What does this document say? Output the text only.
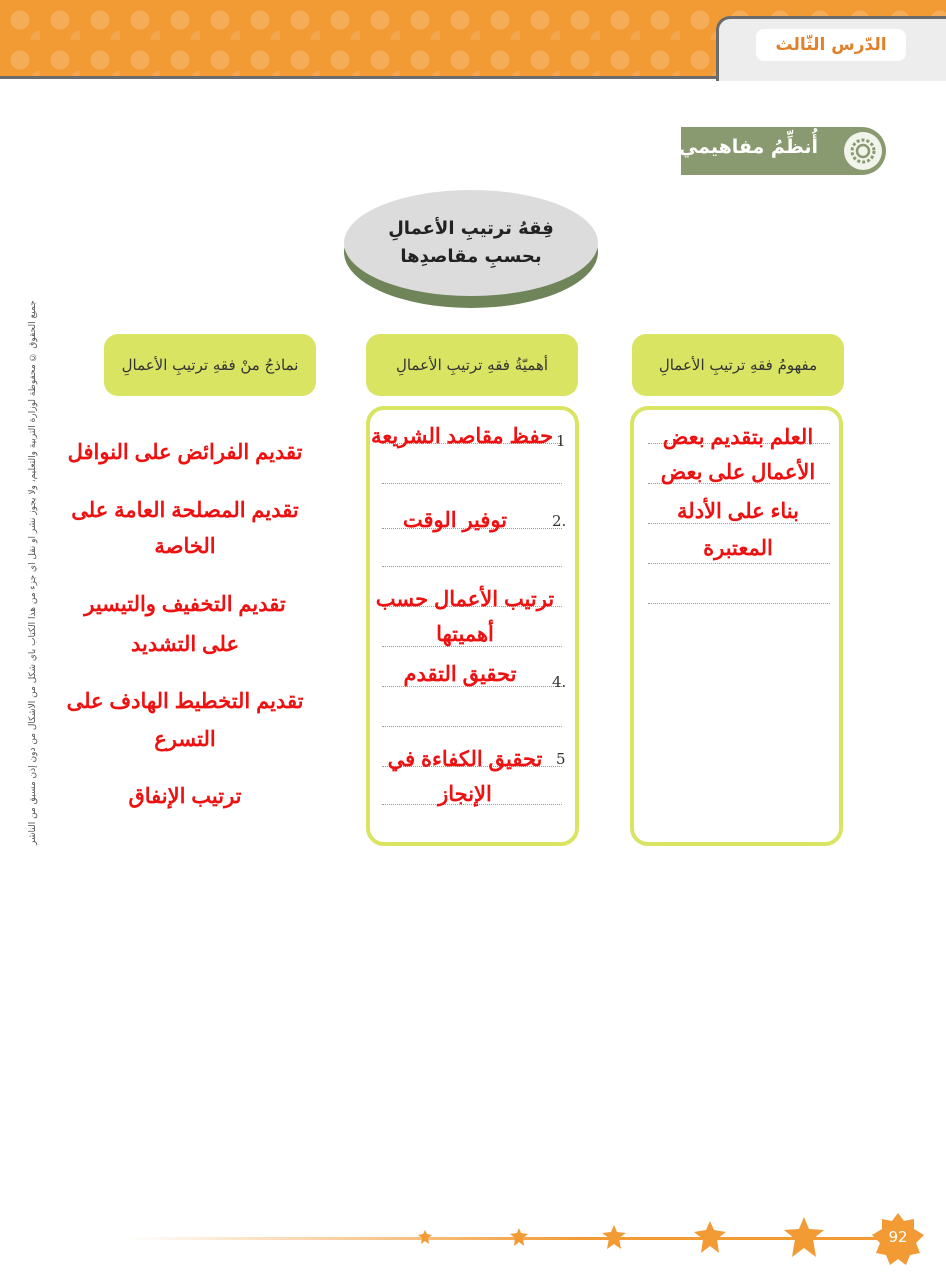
الدّرس الثّالث
أُنظِّمُ مفاهيمي
فِقهُ ترتيبِ الأعمالِ
بحسبِ مقاصدِها
مفهومُ فقهِ ترتيبِ الأعمالِ
أهميّةُ فقهِ ترتيبِ الأعمالِ
نماذجُ منْ فقهِ ترتيبِ الأعمالِ
العلم بتقديم بعض
الأعمال على بعض
بناء على الأدلة
المعتبرة
1
2.
4.
5
حفظ مقاصد الشريعة
توفير الوقت
ترتيب الأعمال حسب
أهميتها
تحقيق التقدم
تحقيق الكفاءة في
الإنجاز
تقديم الفرائض على النوافل
تقديم المصلحة العامة على
الخاصة
تقديم التخفيف والتيسير
على التشديد
تقديم التخطيط الهادف على
التسرع
ترتيب الإنفاق
جميع الحقوق © محفوظة لوزارة التربية والتعليم، ولا يجوز نشر أو نقل أي جزء من هذا الكتاب بأي شكل من الأشكال من دون إذن مسبق من الناشر
92
